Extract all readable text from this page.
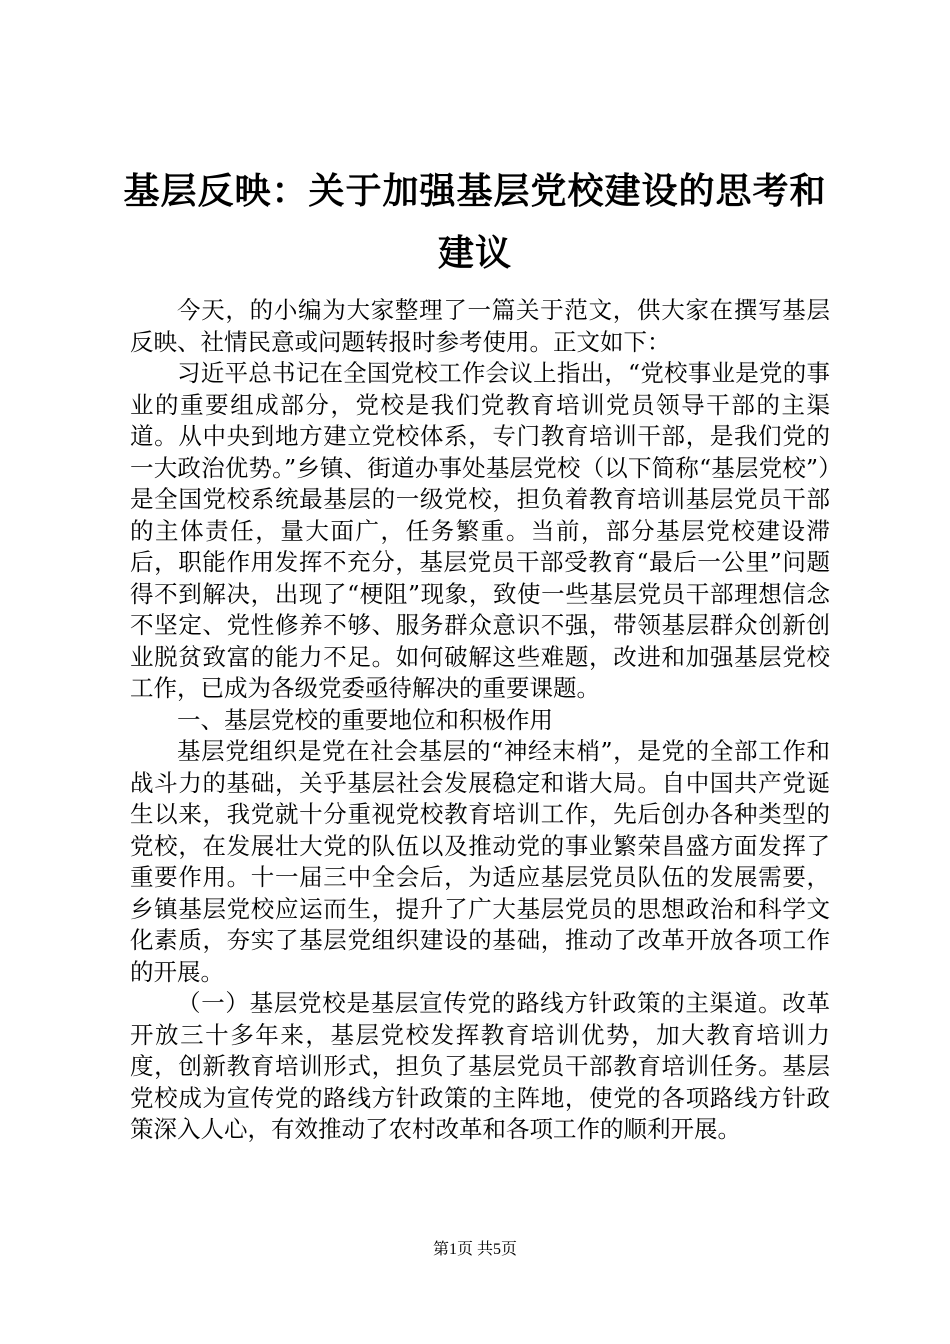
基层反映：关于加强基层党校建设的思考和建议

今天，的小编为大家整理了一篇关于范文，供大家在撰写基层反映、社情民意或问题转报时参考使用。正文如下：

习近平总书记在全国党校工作会议上指出，“党校事业是党的事业的重要组成部分，党校是我们党教育培训党员领导干部的主渠道。从中央到地方建立党校体系，专门教育培训干部，是我们党的一大政治优势。”乡镇、街道办事处基层党校（以下简称“基层党校”）是全国党校系统最基层的一级党校，担负着教育培训基层党员干部的主体责任，量大面广，任务繁重。当前，部分基层党校建设滞后，职能作用发挥不充分，基层党员干部受教育“最后一公里”问题得不到解决，出现了“梗阻”现象，致使一些基层党员干部理想信念不坚定、党性修养不够、服务群众意识不强，带领基层群众创新创业脱贫致富的能力不足。如何破解这些难题，改进和加强基层党校工作，已成为各级党委亟待解决的重要课题。

一、基层党校的重要地位和积极作用

基层党组织是党在社会基层的“神经末梢”，是党的全部工作和战斗力的基础，关乎基层社会发展稳定和谐大局。自中国共产党诞生以来，我党就十分重视党校教育培训工作，先后创办各种类型的党校，在发展壮大党的队伍以及推动党的事业繁荣昌盛方面发挥了重要作用。十一届三中全会后，为适应基层党员队伍的发展需要，乡镇基层党校应运而生，提升了广大基层党员的思想政治和科学文化素质，夯实了基层党组织建设的基础，推动了改革开放各项工作的开展。

（一）基层党校是基层宣传党的路线方针政策的主渠道。改革开放三十多年来，基层党校发挥教育培训优势，加大教育培训力度，创新教育培训形式，担负了基层党员干部教育培训任务。基层党校成为宣传党的路线方针政策的主阵地，使党的各项路线方针政策深入人心，有效推动了农村改革和各项工作的顺利开展。

第1页 共5页
